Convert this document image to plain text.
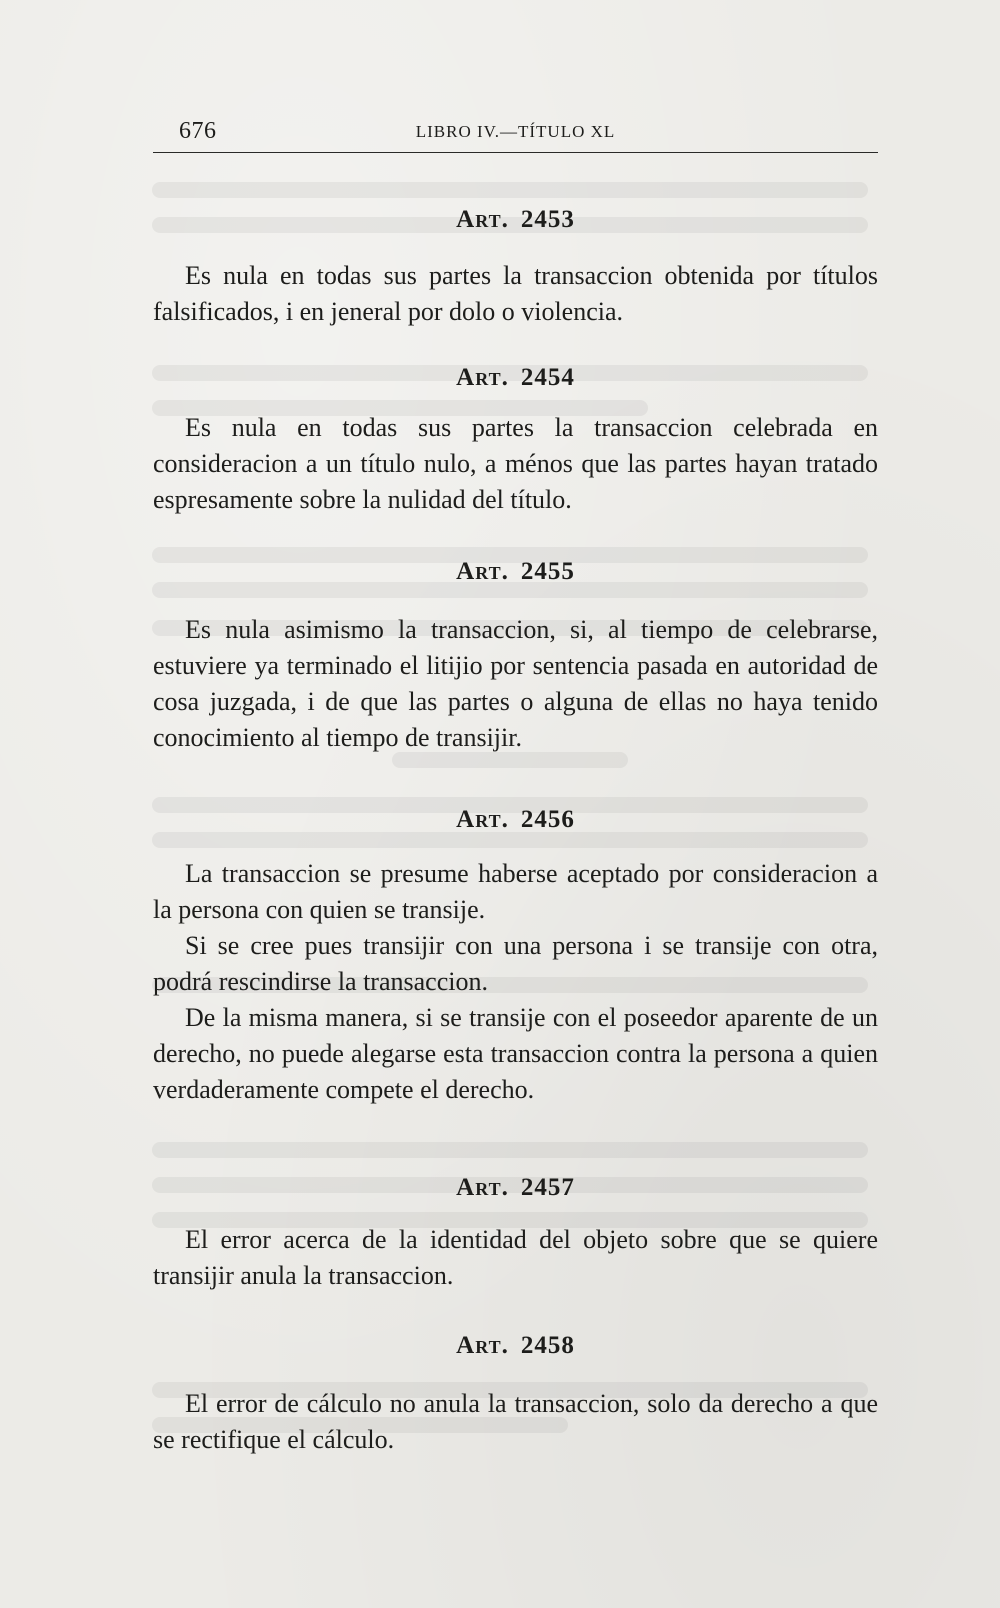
676	LIBRO IV.—TÍTULO XL
Art. 2453

Es nula en todas sus partes la transaccion obtenida por títulos falsificados, i en jeneral por dolo o violencia.

Art. 2454

Es nula en todas sus partes la transaccion celebrada en consideracion a un título nulo, a ménos que las partes hayan tratado espresamente sobre la nulidad del título.

Art. 2455

Es nula asimismo la transaccion, si, al tiempo de celebrarse, estuviere ya terminado el litijio por sentencia pasada en autoridad de cosa juzgada, i de que las partes o alguna de ellas no haya tenido conocimiento al tiempo de transijir.

Art. 2456

La transaccion se presume haberse aceptado por consideracion a la persona con quien se transije.

Si se cree pues transijir con una persona i se transije con otra, podrá rescindirse la transaccion.

De la misma manera, si se transije con el poseedor aparente de un derecho, no puede alegarse esta transaccion contra la persona a quien verdaderamente compete el derecho.

Art. 2457

El error acerca de la identidad del objeto sobre que se quiere transijir anula la transaccion.

Art. 2458

El error de cálculo no anula la transaccion, solo da derecho a que se rectifique el cálculo.
